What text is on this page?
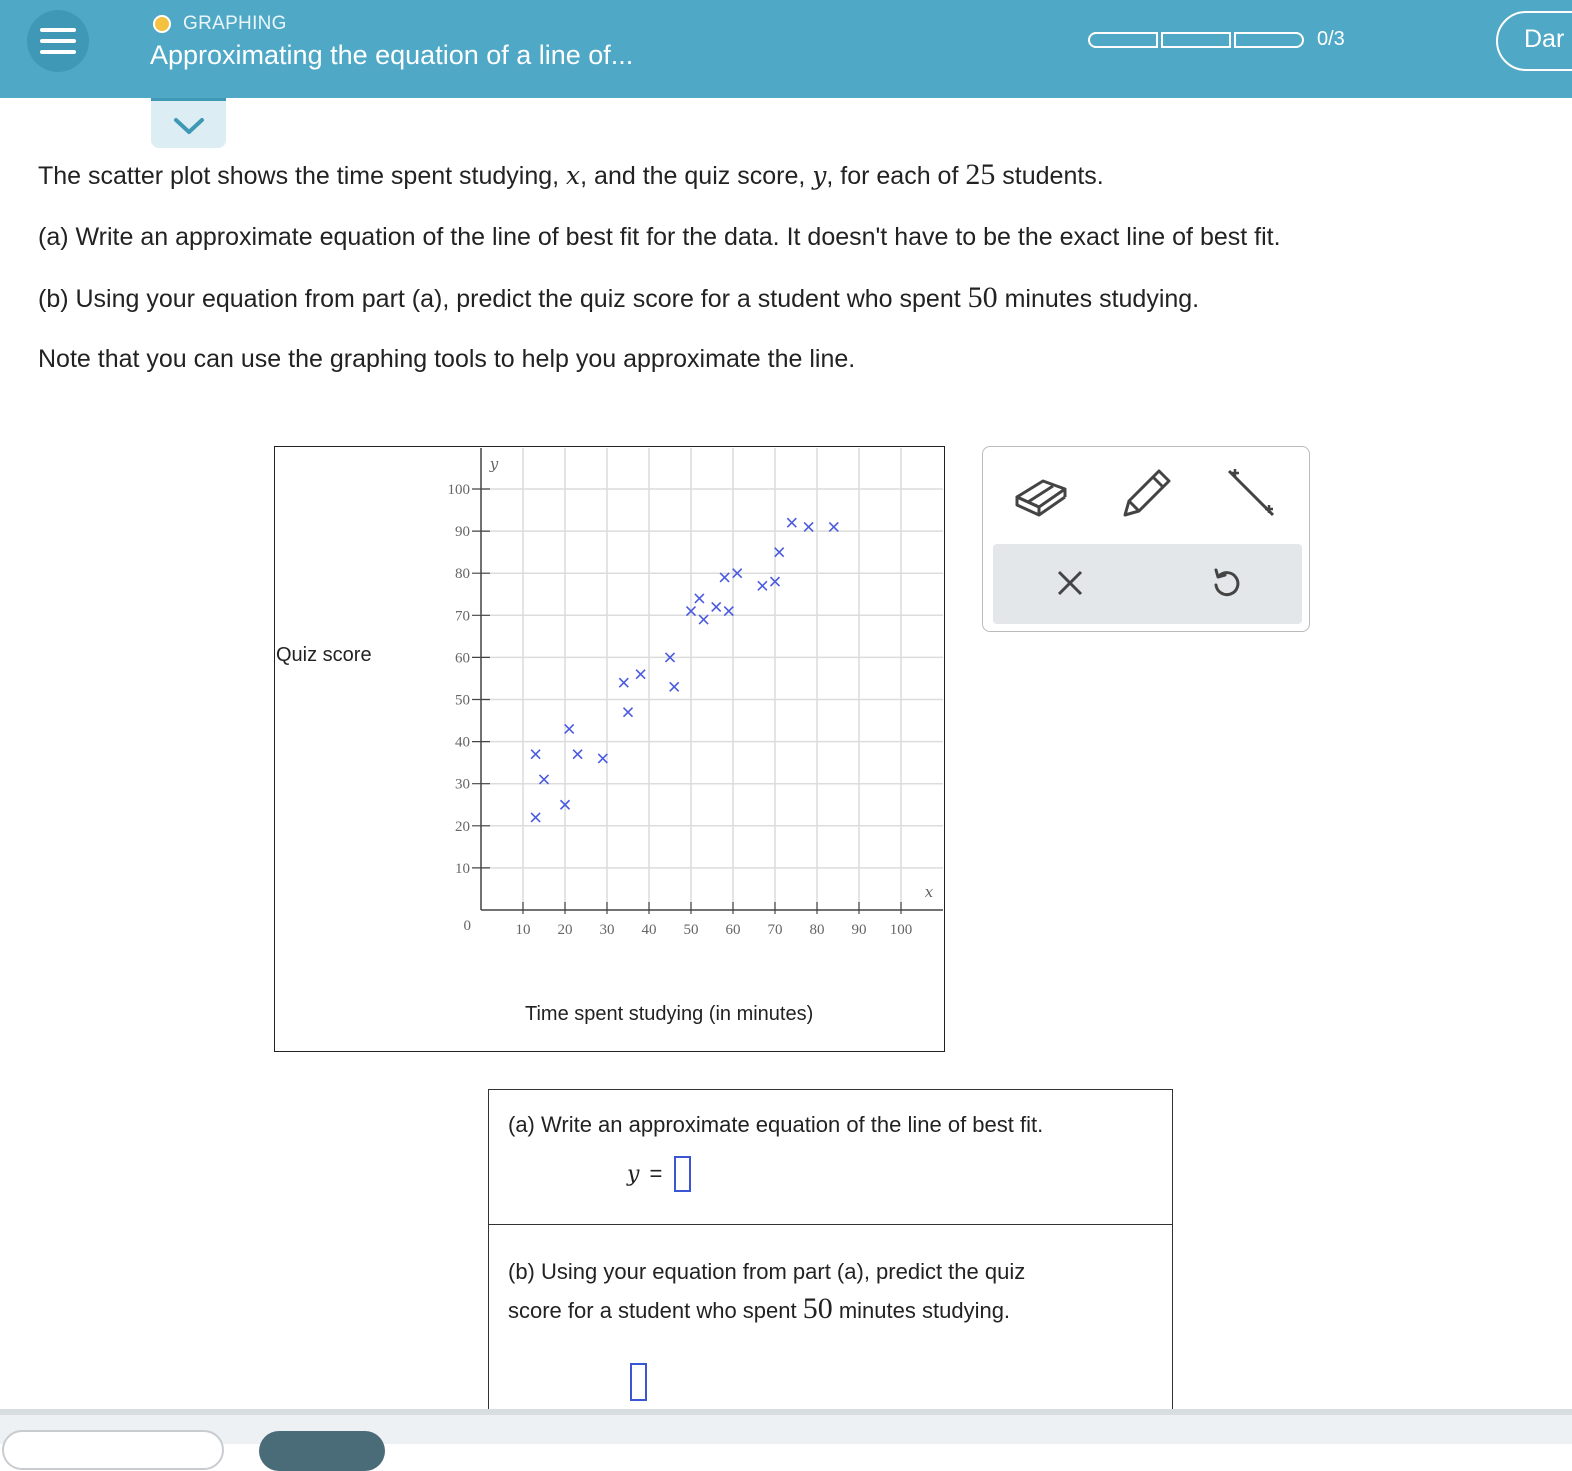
GRAPHING
Approximating the equation of a line of...
0/3	Dar
The scatter plot shows the time spent studying, x, and the quiz score, y, for each of 25 students.
(a) Write an approximate equation of the line of best fit for the data. It doesn't have to be the exact line of best fit.
(b) Using your equation from part (a), predict the quiz score for a student who spent 50 minutes studying.
Note that you can use the graphing tools to help you approximate the line.
Quiz score
Time spent studying (in minutes)
10 20 30 40 50 60 70 80 90 100
10
20
30
40
50
60
70
80
90
100
0
x
y
(a) Write an approximate equation of the line of best fit.
y =
(b) Using your equation from part (a), predict the quiz
score for a student who spent 50 minutes studying.
